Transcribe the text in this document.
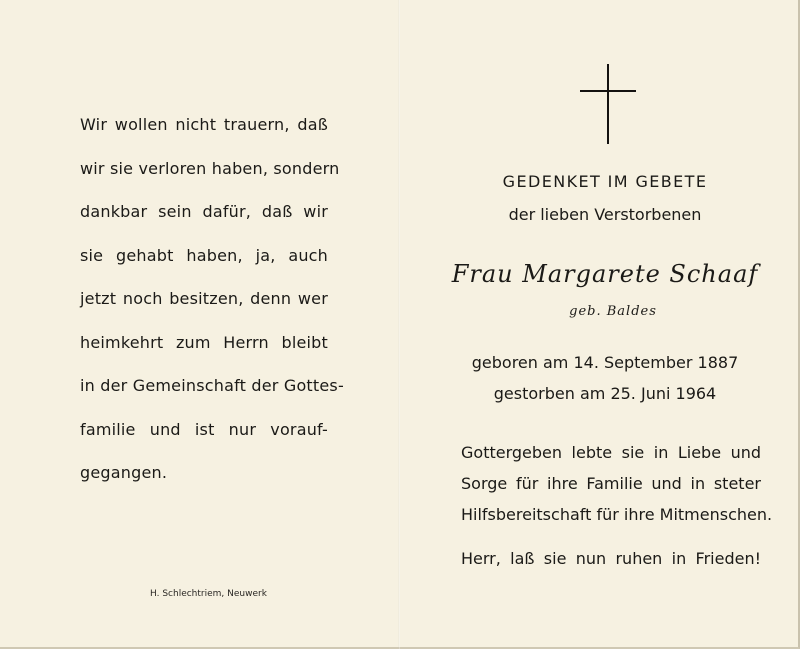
Wir wollen nicht trauern, daß
wir sie verloren haben, sondern
dankbar sein dafür, daß wir
sie gehabt haben, ja, auch
jetzt noch besitzen, denn wer
heimkehrt zum Herrn bleibt
in der Gemeinschaft der Gottes-
familie und ist nur vorauf-
gegangen.
H. Schlechtriem, Neuwerk
GEDENKET IM GEBETE
der lieben Verstorbenen
Frau Margarete Schaaf
geb. Baldes
geboren am 14. September 1887
gestorben am 25. Juni 1964
Gottergeben lebte sie in Liebe und
Sorge für ihre Familie und in steter
Hilfsbereitschaft für ihre Mitmenschen.
Herr, laß sie nun ruhen in Frieden!
